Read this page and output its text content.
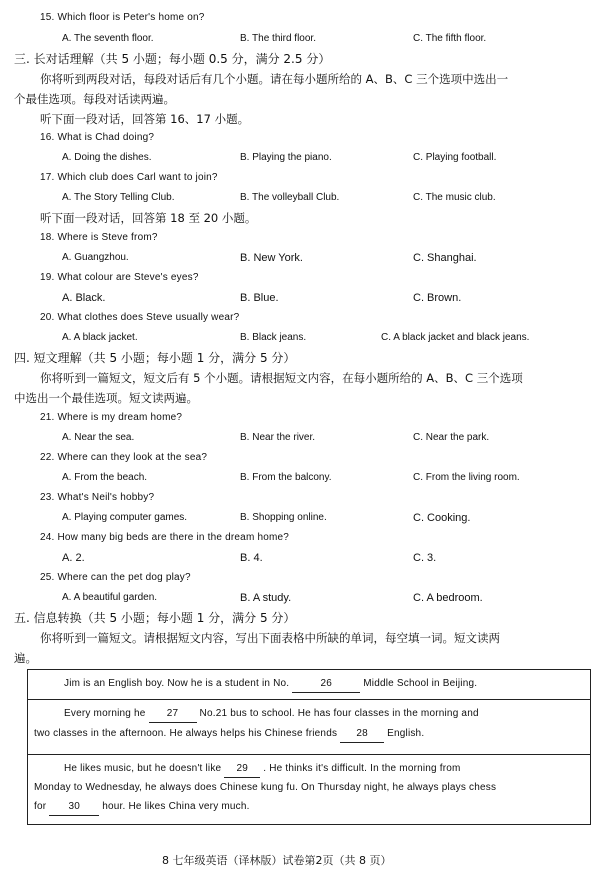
15. Which floor is Peter's home on?
A. The seventh floor.	B. The third floor.	C. The fifth floor.
三. 长对话理解（共 5 小题；每小题 0.5 分，满分 2.5 分）
你将听到两段对话，每段对话后有几个小题。请在每小题所给的 A、B、C 三个选项中选出一
个最佳选项。每段对话读两遍。
听下面一段对话，回答第 16、17 小题。
16. What is Chad doing?
A. Doing the dishes.	B. Playing the piano.	C. Playing football.
17. Which club does Carl want to join?
A. The Story Telling Club.	B. The volleyball Club.	C. The music club.
听下面一段对话，回答第 18 至 20 小题。
18. Where is Steve from?
A. Guangzhou.	B. New York.	C. Shanghai.
19. What colour are Steve's eyes?
A. Black.	B. Blue.	C. Brown.
20. What clothes does Steve usually wear?
A. A black jacket.	B. Black jeans.	C. A black jacket and black jeans.
四. 短文理解（共 5 小题；每小题 1 分，满分 5 分）
你将听到一篇短文，短文后有 5 个小题。请根据短文内容，在每小题所给的 A、B、C 三个选项
中选出一个最佳选项。短文读两遍。
21. Where is my dream home?
A. Near the sea.	B. Near the river.	C. Near the park.
22. Where can they look at the sea?
A. From the beach.	B. From the balcony.	C. From the living room.
23. What's Neil's hobby?
A. Playing computer games.	B. Shopping online.	C. Cooking.
24. How many big beds are there in the dream home?
A. 2.	B. 4.	C. 3.
25. Where can the pet dog play?
A. A beautiful garden.	B. A study.	C. A bedroom.
五. 信息转换（共 5 小题；每小题 1 分，满分 5 分）
你将听到一篇短文。请根据短文内容，写出下面表格中所缺的单词，每空填一词。短文读两
遍。
Jim is an English boy. Now he is a student in No.	26	Middle School in Beijing.
Every morning he 27 No.21 bus to school. He has four classes in the morning and
two classes in the afternoon. He always helps his Chinese friends 28 English.
He likes music, but he doesn't like 29 . He thinks it's difficult. In the morning from
Monday to Wednesday, he always does Chinese kung fu. On Thursday night, he always plays chess
for 30 hour. He likes China very much.
8 七年级英语（译林版）试卷第2页（共 8 页）
